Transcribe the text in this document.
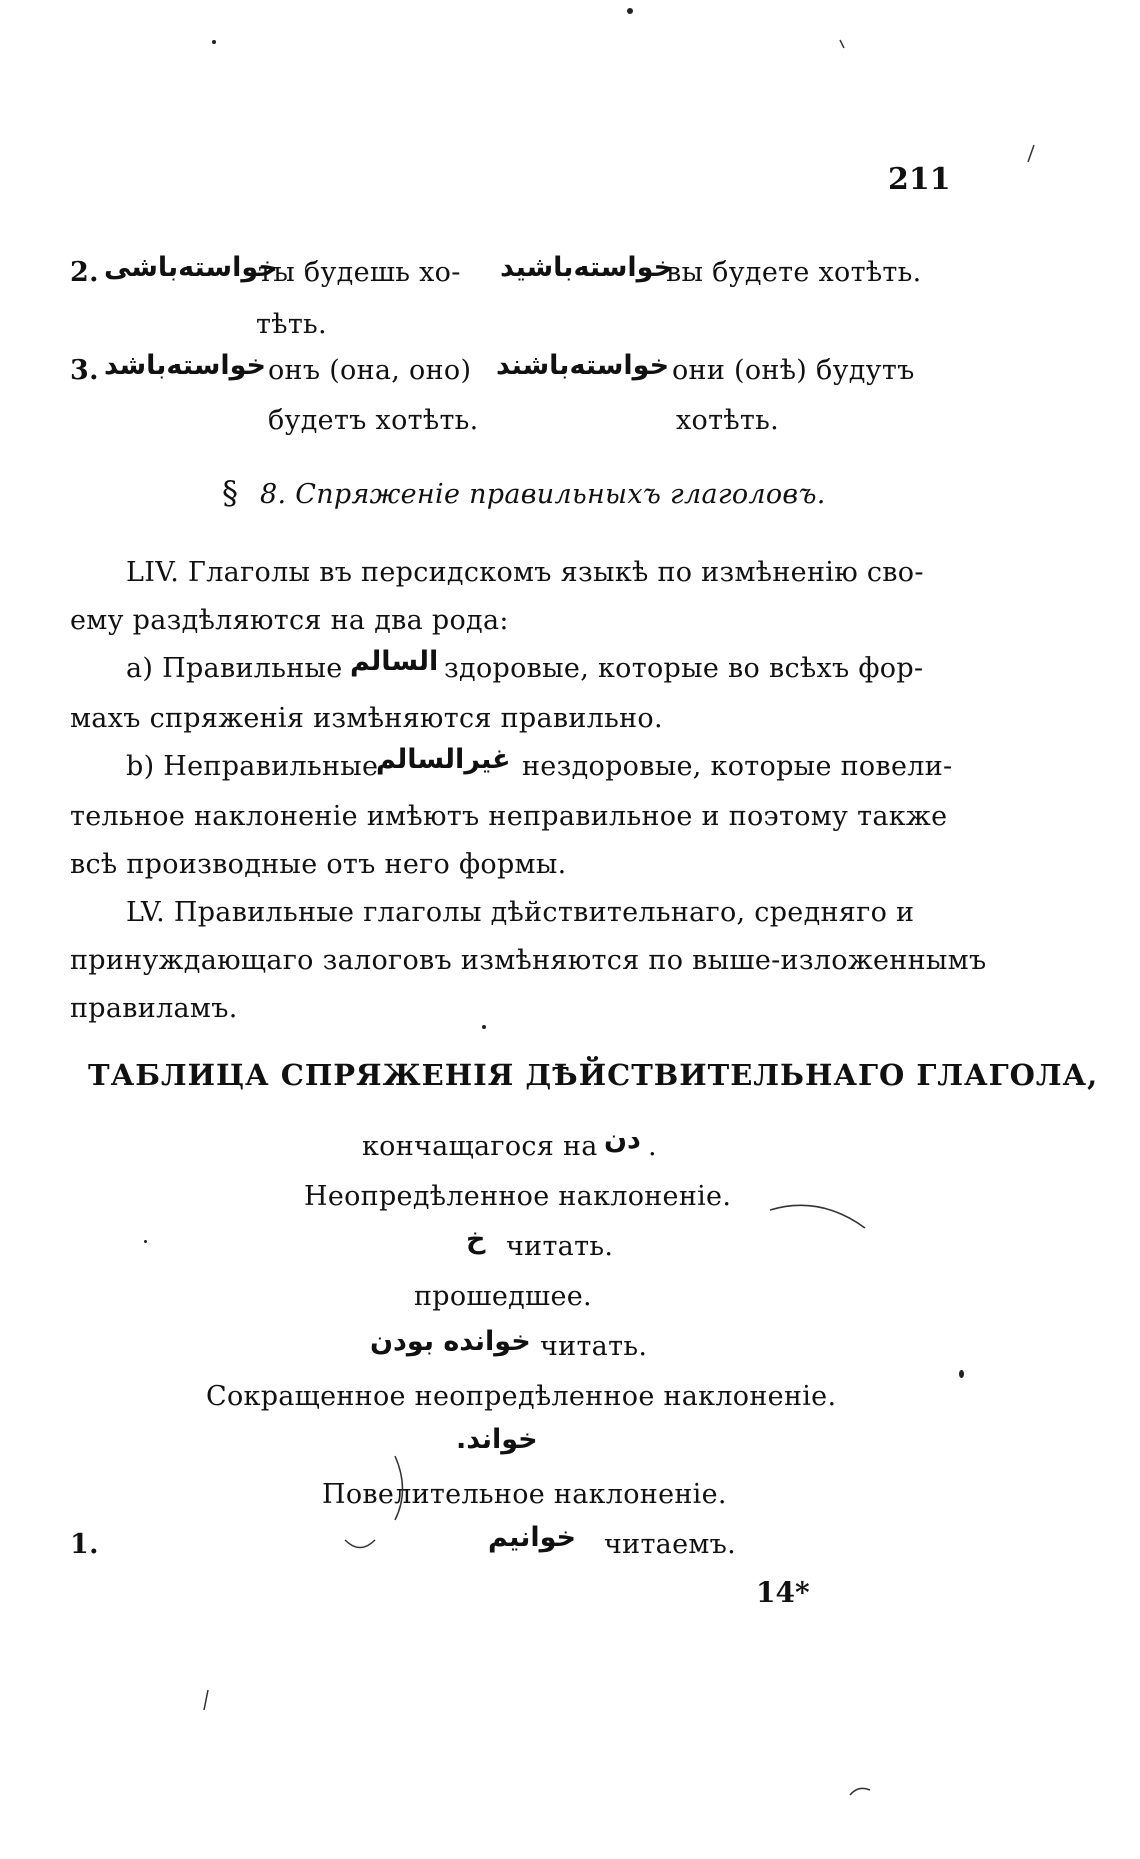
211
2. خواسته‌باشی
ты будешь хо- خواسته‌باشید
вы будете хотѣть.
тѣть.
3. خواسته‌باشد онъ (она, оно) خواسته‌باشند они (онѣ) будутъ
будетъ хотѣть.	хотѣть.
§ 8. Спряженіе правильныхъ глаголовъ.
LIV. Глаголы въ персидскомъ языкѣ по измѣненію сво-
ему раздѣляются на два рода:
а) Правильные السالم здоровые, которые во всѣхъ фор-
махъ спряженія измѣняются правильно.
b) Неправильные
غیرالسالم нездоровые, которые повели-
тельное наклоненіе имѣютъ неправильное и поэтому также
всѣ производные отъ него формы.
LV. Правильные глаголы дѣйствительнаго, средняго и
принуждающаго залоговъ измѣняются по выше-изложеннымъ
правиламъ.
ТАБЛИЦА СПРЯЖЕНІЯ ДѢЙСТВИТЕЛЬНАГО ГЛАГОЛА,
кончащагося на دن .
Неопредѣленное наклоненіе.
خ читать.
прошедшее.
خوانده بودن читать.
Сокращенное неопредѣленное наклоненіе.
خواند.
Повелительное наклоненіе.
1.	خوانیم читаемъ.
14*
